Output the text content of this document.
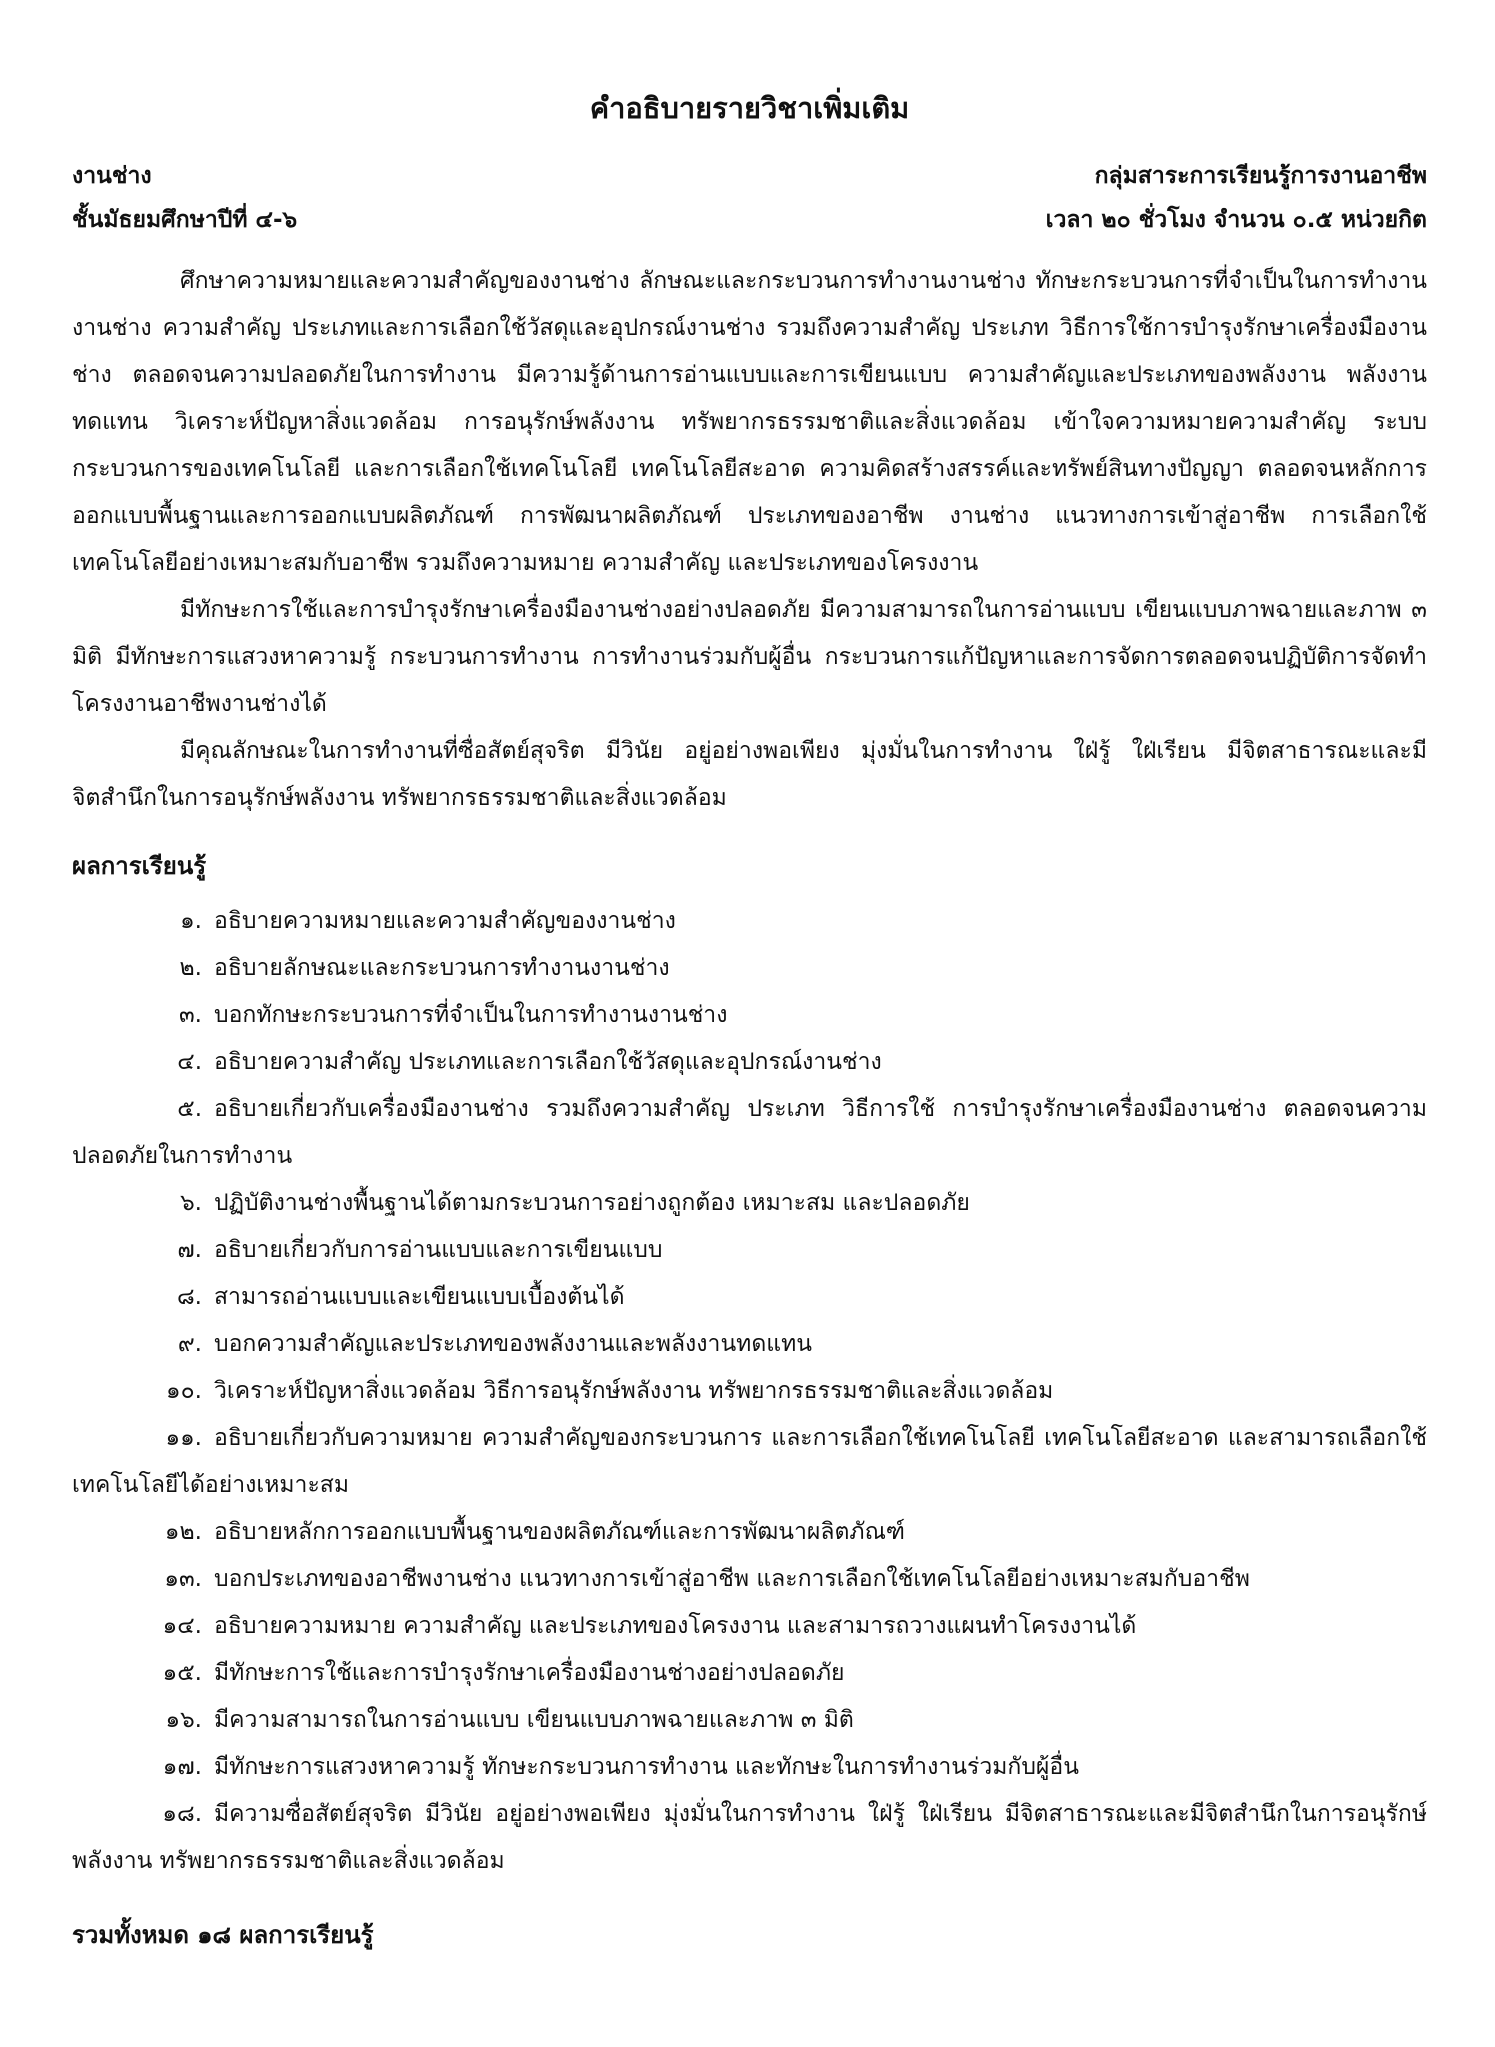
คำอธิบายรายวิชาเพิ่มเติม
งานช่าง	กลุ่มสาระการเรียนรู้การงานอาชีพ
ชั้นมัธยมศึกษาปีที่ ๔-๖	เวลา ๒๐ ชั่วโมง จำนวน ๐.๕ หน่วยกิต

ศึกษาความหมายและความสำคัญของงานช่าง ลักษณะและกระบวนการทำงานงานช่าง ทักษะกระบวนการที่จำเป็นในการทำงานงานช่าง ความสำคัญ ประเภทและการเลือกใช้วัสดุและอุปกรณ์งานช่าง รวมถึงความสำคัญ ประเภท วิธีการใช้การบำรุงรักษาเครื่องมืองานช่าง ตลอดจนความปลอดภัยในการทำงาน มีความรู้ด้านการอ่านแบบและการเขียนแบบ ความสำคัญและประเภทของพลังงาน พลังงานทดแทน วิเคราะห์ปัญหาสิ่งแวดล้อม การอนุรักษ์พลังงาน ทรัพยากรธรรมชาติและสิ่งแวดล้อม เข้าใจความหมายความสำคัญ ระบบ กระบวนการของเทคโนโลยี และการเลือกใช้เทคโนโลยี เทคโนโลยีสะอาด ความคิดสร้างสรรค์และทรัพย์สินทางปัญญา ตลอดจนหลักการออกแบบพื้นฐานและการออกแบบผลิตภัณฑ์ การพัฒนาผลิตภัณฑ์ ประเภทของอาชีพ งานช่าง แนวทางการเข้าสู่อาชีพ การเลือกใช้เทคโนโลยีอย่างเหมาะสมกับอาชีพ รวมถึงความหมาย ความสำคัญ และประเภทของโครงงาน

มีทักษะการใช้และการบำรุงรักษาเครื่องมืองานช่างอย่างปลอดภัย มีความสามารถในการอ่านแบบ เขียนแบบภาพฉายและภาพ ๓ มิติ มีทักษะการแสวงหาความรู้ กระบวนการทำงาน การทำงานร่วมกับผู้อื่น กระบวนการแก้ปัญหาและการจัดการตลอดจนปฏิบัติการจัดทำโครงงานอาชีพงานช่างได้

มีคุณลักษณะในการทำงานที่ซื่อสัตย์สุจริต มีวินัย อยู่อย่างพอเพียง มุ่งมั่นในการทำงาน ใฝ่รู้ ใฝ่เรียน มีจิตสาธารณะและมีจิตสำนึกในการอนุรักษ์พลังงาน ทรัพยากรธรรมชาติและสิ่งแวดล้อม

ผลการเรียนรู้
๑. อธิบายความหมายและความสำคัญของงานช่าง
๒. อธิบายลักษณะและกระบวนการทำงานงานช่าง
๓. บอกทักษะกระบวนการที่จำเป็นในการทำงานงานช่าง
๔. อธิบายความสำคัญ ประเภทและการเลือกใช้วัสดุและอุปกรณ์งานช่าง
๕. อธิบายเกี่ยวกับเครื่องมืองานช่าง รวมถึงความสำคัญ ประเภท วิธีการใช้ การบำรุงรักษาเครื่องมืองานช่าง ตลอดจนความปลอดภัยในการทำงาน
๖. ปฏิบัติงานช่างพื้นฐานได้ตามกระบวนการอย่างถูกต้อง เหมาะสม และปลอดภัย
๗. อธิบายเกี่ยวกับการอ่านแบบและการเขียนแบบ
๘. สามารถอ่านแบบและเขียนแบบเบื้องต้นได้
๙. บอกความสำคัญและประเภทของพลังงานและพลังงานทดแทน
๑๐. วิเคราะห์ปัญหาสิ่งแวดล้อม วิธีการอนุรักษ์พลังงาน ทรัพยากรธรรมชาติและสิ่งแวดล้อม
๑๑. อธิบายเกี่ยวกับความหมาย ความสำคัญของกระบวนการ และการเลือกใช้เทคโนโลยี เทคโนโลยีสะอาด และสามารถเลือกใช้เทคโนโลยีได้อย่างเหมาะสม
๑๒. อธิบายหลักการออกแบบพื้นฐานของผลิตภัณฑ์และการพัฒนาผลิตภัณฑ์
๑๓. บอกประเภทของอาชีพงานช่าง แนวทางการเข้าสู่อาชีพ และการเลือกใช้เทคโนโลยีอย่างเหมาะสมกับอาชีพ
๑๔. อธิบายความหมาย ความสำคัญ และประเภทของโครงงาน และสามารถวางแผนทำโครงงานได้
๑๕. มีทักษะการใช้และการบำรุงรักษาเครื่องมืองานช่างอย่างปลอดภัย
๑๖. มีความสามารถในการอ่านแบบ เขียนแบบภาพฉายและภาพ ๓ มิติ
๑๗. มีทักษะการแสวงหาความรู้ ทักษะกระบวนการทำงาน และทักษะในการทำงานร่วมกับผู้อื่น
๑๘. มีความซื่อสัตย์สุจริต มีวินัย อยู่อย่างพอเพียง มุ่งมั่นในการทำงาน ใฝ่รู้ ใฝ่เรียน มีจิตสาธารณะและมีจิตสำนึกในการอนุรักษ์พลังงาน ทรัพยากรธรรมชาติและสิ่งแวดล้อม
รวมทั้งหมด ๑๘ ผลการเรียนรู้
